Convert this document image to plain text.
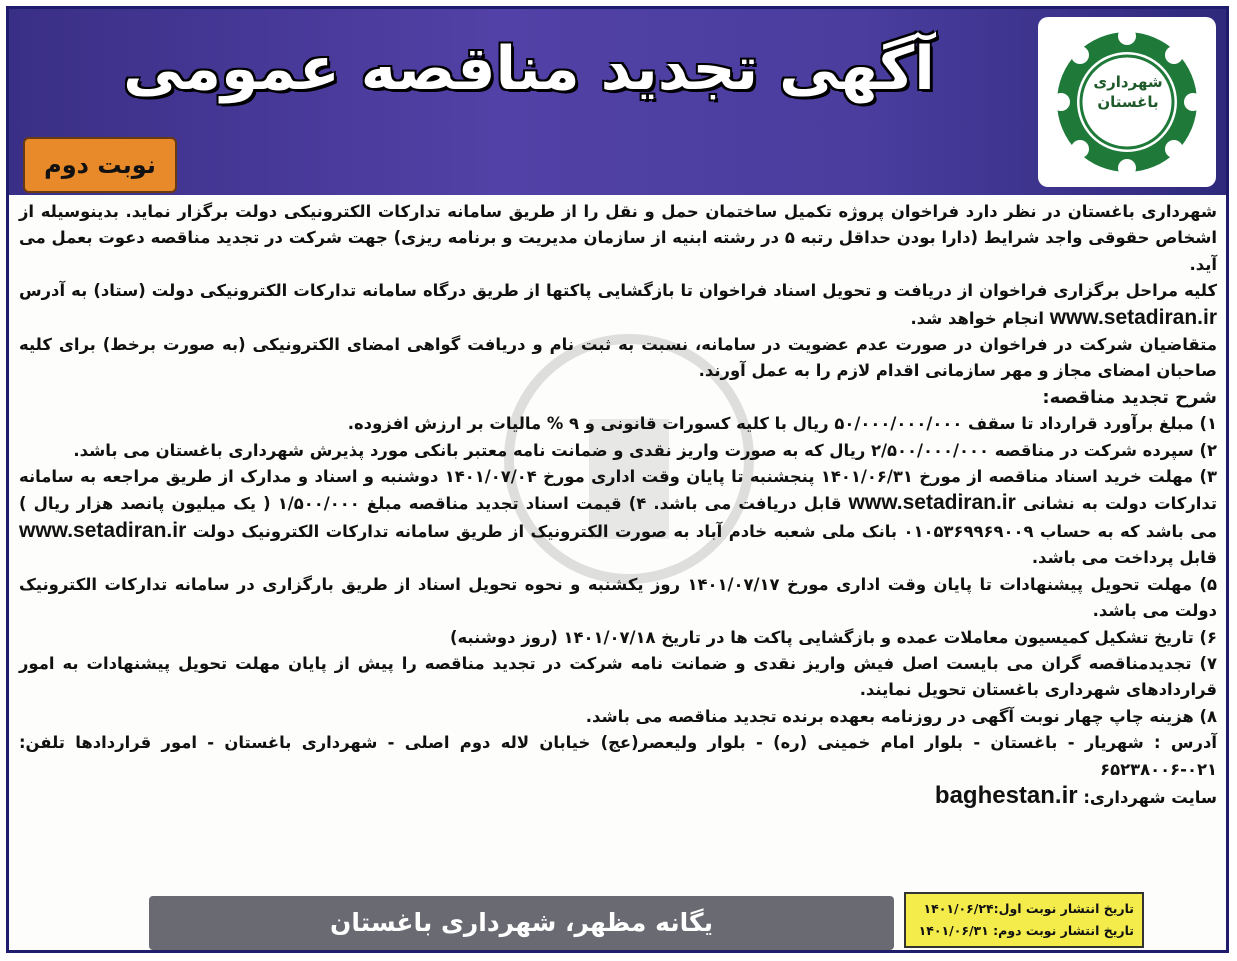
آگهی تجدید مناقصه عمومی
نوبت دوم
شهرداری باغستان

شهرداری باغستان در نظر دارد فراخوان پروژه تکمیل ساختمان حمل و نقل را از طریق سامانه تدارکات الکترونیکی دولت برگزار نماید. بدینوسیله از اشخاص حقوقی واجد شرایط (دارا بودن حداقل رتبه ۵ در رشته ابنیه از سازمان مدیریت و برنامه ریزی) جهت شرکت در تجدید مناقصه دعوت بعمل می آید.

کلیه مراحل برگزاری فراخوان از دریافت و تحویل اسناد فراخوان تا بازگشایی پاکتها از طریق درگاه سامانه تدارکات الکترونیکی دولت (ستاد) به آدرس www.setadiran.ir انجام خواهد شد.

متقاضیان شرکت در فراخوان در صورت عدم عضویت در سامانه، نسبت به ثبت نام و دریافت گواهی امضای الکترونیکی (به صورت برخط) برای کلیه صاحبان امضای مجاز و مهر سازمانی اقدام لازم را به عمل آورند.

شرح تجدید مناقصه:

۱) مبلغ برآورد قرارداد تا سقف ۵۰/۰۰۰/۰۰۰/۰۰۰ ریال با کلیه کسورات قانونی و ۹ % مالیات بر ارزش افزوده.

۲) سپرده شرکت در مناقصه ۲/۵۰۰/۰۰۰/۰۰۰ ریال که به صورت واریز نقدی و ضمانت نامه معتبر بانکی مورد پذیرش شهرداری باغستان می باشد.

۳) مهلت خرید اسناد مناقصه از مورخ ۱۴۰۱/۰۶/۳۱ پنجشنبه تا پایان وقت اداری مورخ ۱۴۰۱/۰۷/۰۴ دوشنبه و اسناد و مدارک از طریق مراجعه به سامانه تدارکات دولت به نشانی www.setadiran.ir قابل دریافت می باشد. ۴) قیمت اسناد تجدید مناقصه مبلغ ۱/۵۰۰/۰۰۰ ( یک میلیون پانصد هزار ریال ) می باشد که به حساب ۰۱۰۵۳۶۹۹۶۹۰۰۹ بانک ملی شعبه خادم آباد به صورت الکترونیک از طریق سامانه تدارکات الکترونیک دولت www.setadiran.ir قابل پرداخت می باشد.

۵) مهلت تحویل پیشنهادات تا پایان وقت اداری مورخ ۱۴۰۱/۰۷/۱۷ روز یکشنبه و نحوه تحویل اسناد از طریق بارگزاری در سامانه تدارکات الکترونیک دولت می باشد.

۶) تاریخ تشکیل کمیسیون معاملات عمده و بازگشایی پاکت ها در تاریخ ۱۴۰۱/۰۷/۱۸ (روز دوشنبه)

۷) تجدیدمناقصه گران می بایست اصل فیش واریز نقدی و ضمانت نامه شرکت در تجدید مناقصه را پیش از پایان مهلت تحویل پیشنهادات به امور قراردادهای شهرداری باغستان تحویل نمایند.

۸) هزینه چاپ چهار نوبت آگهی در روزنامه بعهده برنده تجدید مناقصه می باشد.

آدرس : شهریار - باغستان - بلوار امام خمینی (ره) - بلوار ولیعصر(عج) خیابان لاله دوم اصلی - شهرداری باغستان - امور قراردادها تلفن: ۰۲۱-۶۵۲۳۸۰۰۶

سایت شهرداری: baghestan.ir

یگانه مظهر، شهرداری باغستان	تاریخ انتشار نوبت اول:۱۴۰۱/۰۶/۲۴
تاریخ انتشار نوبت دوم: ۱۴۰۱/۰۶/۳۱
